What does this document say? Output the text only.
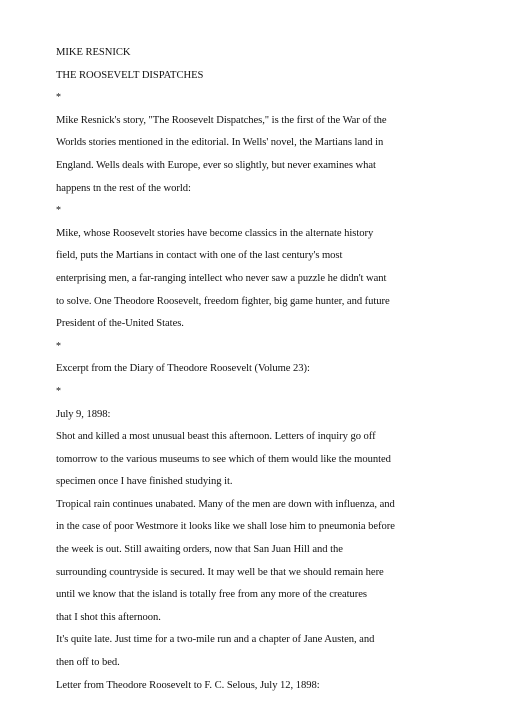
MIKE RESNICK
THE ROOSEVELT DISPATCHES
*
Mike Resnick's story, "The Roosevelt Dispatches," is the first of the War of the
Worlds stories mentioned in the editorial. In Wells' novel, the Martians land in
England. Wells deals with Europe, ever so slightly, but never examines what
happens tn the rest of the world:
*
Mike, whose Roosevelt stories have become classics in the alternate history
field, puts the Martians in contact with one of the last century's most
enterprising men, a far-ranging intellect who never saw a puzzle he didn't want
to solve. One Theodore Roosevelt, freedom fighter, big game hunter, and future
President of the-United States.
*
Excerpt from the Diary of Theodore Roosevelt (Volume 23):
*
July 9, 1898:
Shot and killed a most unusual beast this afternoon. Letters of inquiry go off
tomorrow to the various museums to see which of them would like the mounted
specimen once I have finished studying it.
Tropical rain continues unabated. Many of the men are down with influenza, and
in the case of poor Westmore it looks like we shall lose him to pneumonia before
the week is out. Still awaiting orders, now that San Juan Hill and the
surrounding countryside is secured. It may well be that we should remain here
until we know that the island is totally free from any more of the creatures
that I shot this afternoon.
It's quite late. Just time for a two-mile run and a chapter of Jane Austen, and
then off to bed.
Letter from Theodore Roosevelt to F. C. Selous, July 12, 1898:
